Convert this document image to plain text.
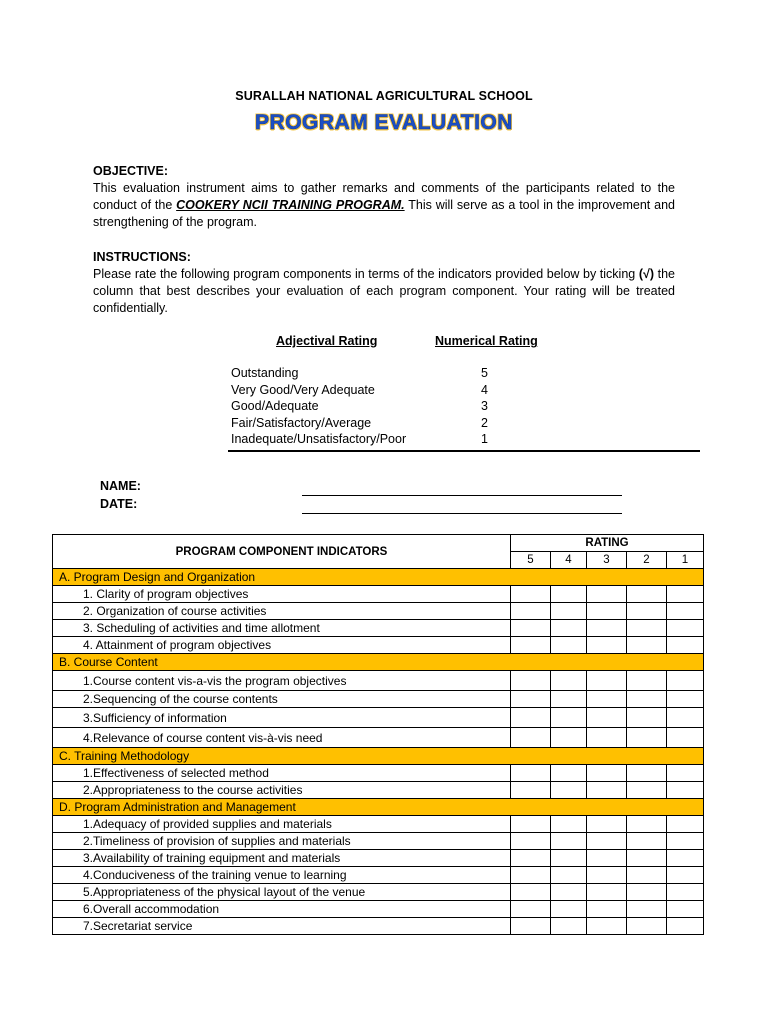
SURALLAH NATIONAL AGRICULTURAL SCHOOL
PROGRAM EVALUATION
OBJECTIVE:
This evaluation instrument aims to gather remarks and comments of the participants related to the conduct of the COOKERY NCII TRAINING PROGRAM. This will serve as a tool in the improvement and strengthening of the program.
INSTRUCTIONS:
Please rate the following program components in terms of the indicators provided below by ticking (√) the column that best describes your evaluation of each program component. Your rating will be treated confidentially.
Adjectival Rating	Numerical Rating
Outstanding	5
Very Good/Very Adequate	4
Good/Adequate	3
Fair/Satisfactory/Average	2
Inadequate/Unsatisfactory/Poor	1
NAME:
DATE:
PROGRAM COMPONENT INDICATORS	RATING				
	5	4	3	2	1
A. Program Design and Organization					
1. Clarity of program objectives					
2. Organization of course activities					
3. Scheduling of activities and time allotment					
4. Attainment of program objectives					
B. Course Content					
1.Course content vis-a-vis the program objectives					
2.Sequencing of the course contents					
3.Sufficiency of information					
4.Relevance of course content vis-à-vis need					
C. Training Methodology					
1.Effectiveness of selected method					
2.Appropriateness to the course activities					
D. Program Administration and Management					
1.Adequacy of provided supplies and materials					
2.Timeliness of provision of supplies and materials					
3.Availability of training equipment and materials					
4.Conduciveness of the training venue to learning					
5.Appropriateness of the physical layout of the venue					
6.Overall accommodation					
7.Secretariat service					
